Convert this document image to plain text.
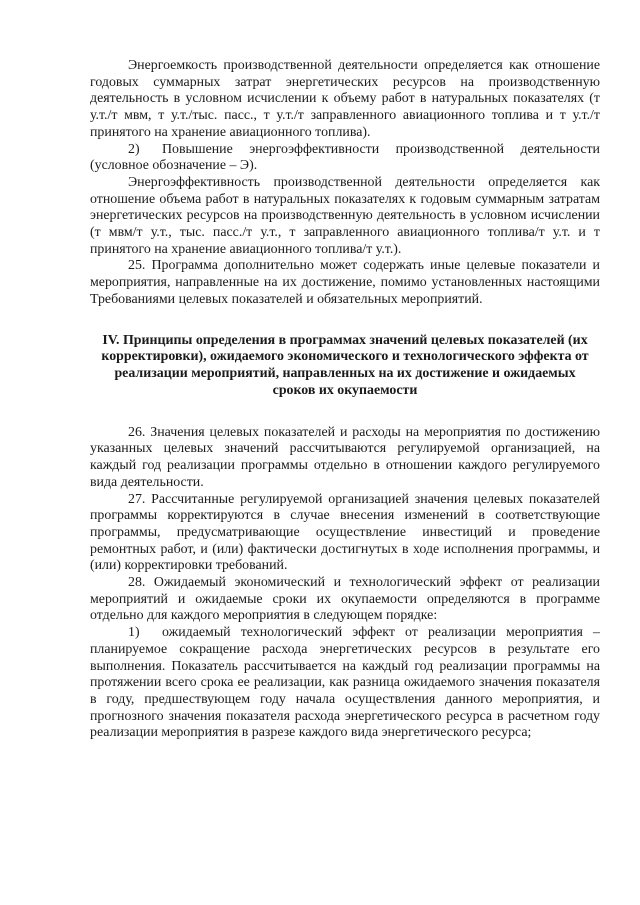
Энергоемкость производственной деятельности определяется как отношение годовых суммарных затрат энергетических ресурсов на производственную деятельность в условном исчислении к объему работ в натуральных показателях (т у.т./т мвм, т у.т./тыс. пасс., т у.т./т заправленного авиационного топлива и т у.т./т принятого на хранение авиационного топлива).

2) Повышение энергоэффективности производственной деятельности (условное обозначение – Э).

Энергоэффективность производственной деятельности определяется как отношение объема работ в натуральных показателях к годовым суммарным затратам энергетических ресурсов на производственную деятельность в условном исчислении (т мвм/т у.т., тыс. пасс./т у.т., т заправленного авиационного топлива/т у.т. и т принятого на хранение авиационного топлива/т у.т.).

25. Программа дополнительно может содержать иные целевые показатели и мероприятия, направленные на их достижение, помимо установленных настоящими Требованиями целевых показателей и обязательных мероприятий.

IV. Принципы определения в программах значений целевых показателей (их корректировки), ожидаемого экономического и технологического эффекта от реализации мероприятий, направленных на их достижение и ожидаемых сроков их окупаемости

26. Значения целевых показателей и расходы на мероприятия по достижению указанных целевых значений рассчитываются регулируемой организацией, на каждый год реализации программы отдельно в отношении каждого регулируемого вида деятельности.

27. Рассчитанные регулируемой организацией значения целевых показателей программы корректируются в случае внесения изменений в соответствующие программы, предусматривающие осуществление инвестиций и проведение ремонтных работ, и (или) фактически достигнутых в ходе исполнения программы, и (или) корректировки требований.

28. Ожидаемый экономический и технологический эффект от реализации мероприятий и ожидаемые сроки их окупаемости определяются в программе отдельно для каждого мероприятия в следующем порядке:

1) ожидаемый технологический эффект от реализации мероприятия – планируемое сокращение расхода энергетических ресурсов в результате его выполнения. Показатель рассчитывается на каждый год реализации программы на протяжении всего срока ее реализации, как разница ожидаемого значения показателя в году, предшествующем году начала осуществления данного мероприятия, и прогнозного значения показателя расхода энергетического ресурса в расчетном году реализации мероприятия в разрезе каждого вида энергетического ресурса;
